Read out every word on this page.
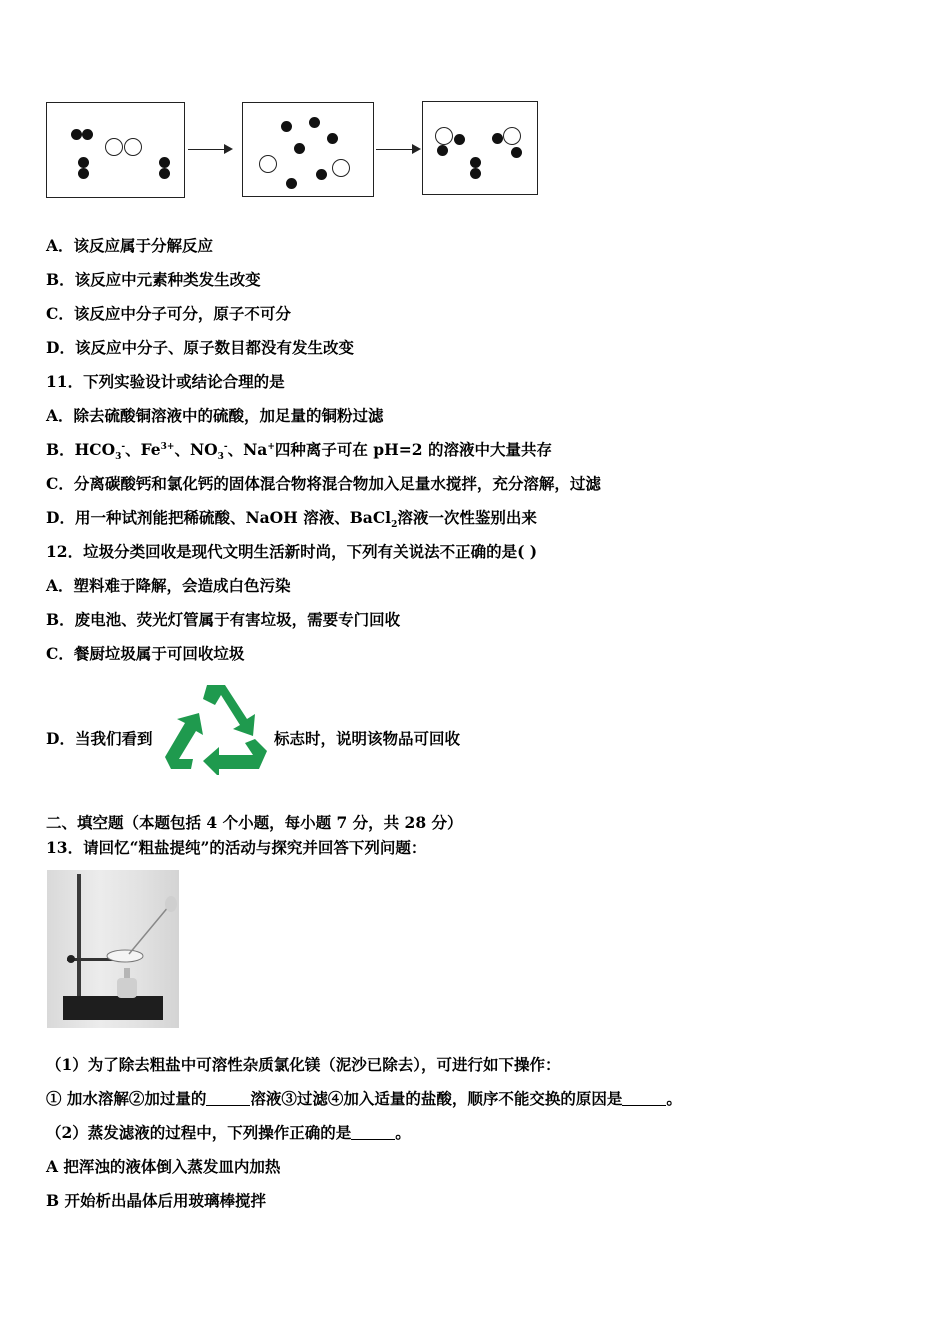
A．该反应属于分解反应
B．该反应中元素种类发生改变
C．该反应中分子可分，原子不可分
D．该反应中分子、原子数目都没有发生改变
11．下列实验设计或结论合理的是
A．除去硫酸铜溶液中的硫酸，加足量的铜粉过滤
B．$HCO_3^-$、$Fe^{3+}$、$NO_3^-$、Na+四种离子可在 pH=2 的溶液中大量共存
C．分离碳酸钙和氯化钙的固体混合物将混合物加入足量水搅拌，充分溶解，过滤
D．用一种试剂能把稀硫酸、NaOH 溶液、BaCl$_2$溶液一次性鉴别出来
12．垃圾分类回收是现代文明生活新时尚，下列有关说法不正确的是( )
A．塑料难于降解，会造成白色污染
B．废电池、荧光灯管属于有害垃圾，需要专门回收
C．餐厨垃圾属于可回收垃圾
D．当我们看到	标志时，说明该物品可回收
二、填空题（本题包括 4 个小题，每小题 7 分，共 28 分）
13．请回忆“粗盐提纯”的活动与探究并回答下列问题：
（1）为了除去粗盐中可溶性杂质氯化镁（泥沙已除去），可进行如下操作：
① 加水溶解②加过量的	溶液③过滤④加入适量的盐酸，顺序不能交换的原因是	。
（2）蒸发滤液的过程中，下列操作正确的是	。
A 把浑浊的液体倒入蒸发皿内加热
B 开始析出晶体后用玻璃棒搅拌
